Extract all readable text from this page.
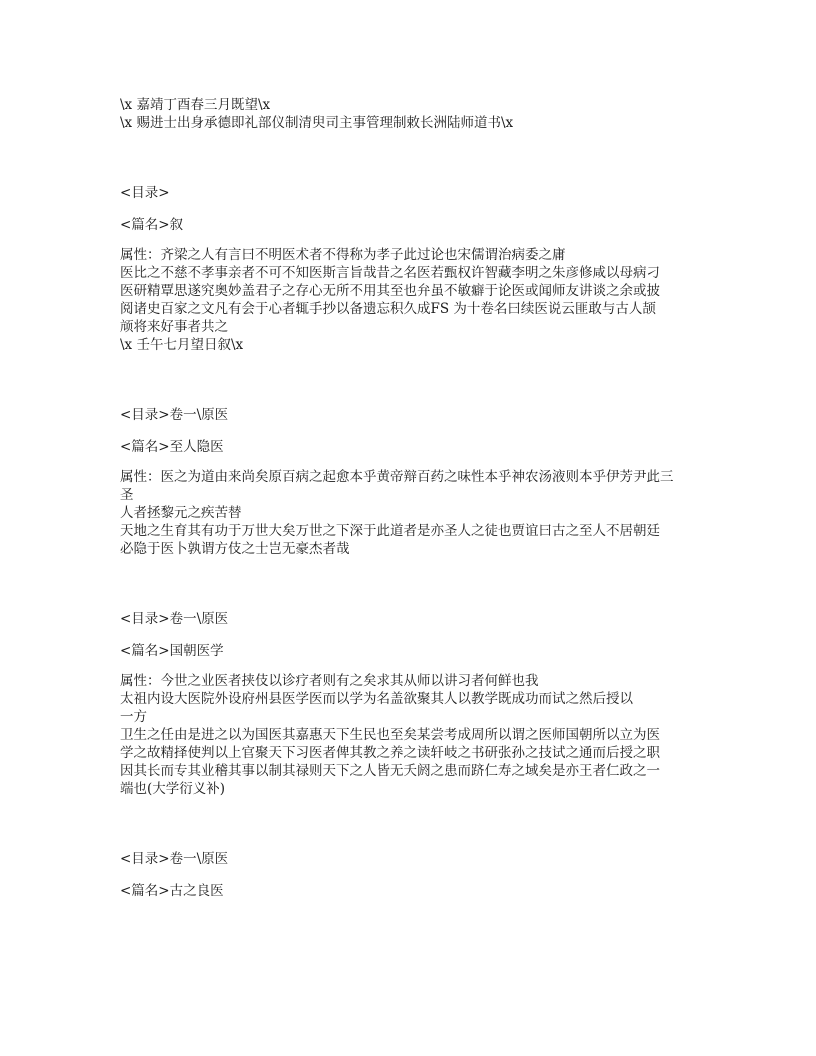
\x 嘉靖丁酉春三月既望\x

\x 赐进士出身承德即礼部仪制清臾司主事管理制敕长洲陆师道书\x

<目录>

<篇名>叙

属性：齐梁之人有言曰不明医术者不得称为孝子此过论也宋儒谓治病委之庸

医比之不慈不孝事亲者不可不知医斯言旨哉昔之名医若甄权许智藏李明之朱彦修咸以母病刁

医研精覃思遂究奥妙盖君子之存心无所不用其至也弁虽不敏癖于论医或闻师友讲谈之余或披

阅诸史百家之文凡有会于心者辄手抄以备遗忘积久成FS 为十卷名曰续医说云匪敢与古人颉

颃将来好事者共之

\x 壬午七月望日叙\x

<目录>卷一\原医

<篇名>至人隐医

属性：医之为道由来尚矣原百病之起愈本乎黄帝辩百药之味性本乎神农汤液则本乎伊芳尹此三

圣

人者拯黎元之疾苦替

天地之生育其有功于万世大矣万世之下深于此道者是亦圣人之徒也贾谊曰古之至人不居朝廷

必隐于医卜孰谓方伎之士岂无豪杰者哉

<目录>卷一\原医

<篇名>国朝医学

属性：今世之业医者挟伎以诊疗者则有之矣求其从师以讲习者何鲜也我

太祖内设大医院外设府州县医学医而以学为名盖欲聚其人以教学既成功而试之然后授以

一方

卫生之任由是进之以为国医其嘉惠天下生民也至矣某尝考成周所以谓之医师国朝所以立为医

学之故精择使判以上官聚天下习医者俾其教之养之读轩岐之书研张孙之技试之通而后授之职

因其长而专其业稽其事以制其禄则天下之人皆无夭阏之患而跻仁寿之域矣是亦王者仁政之一

端也(大学衍义补)

<目录>卷一\原医

<篇名>古之良医
